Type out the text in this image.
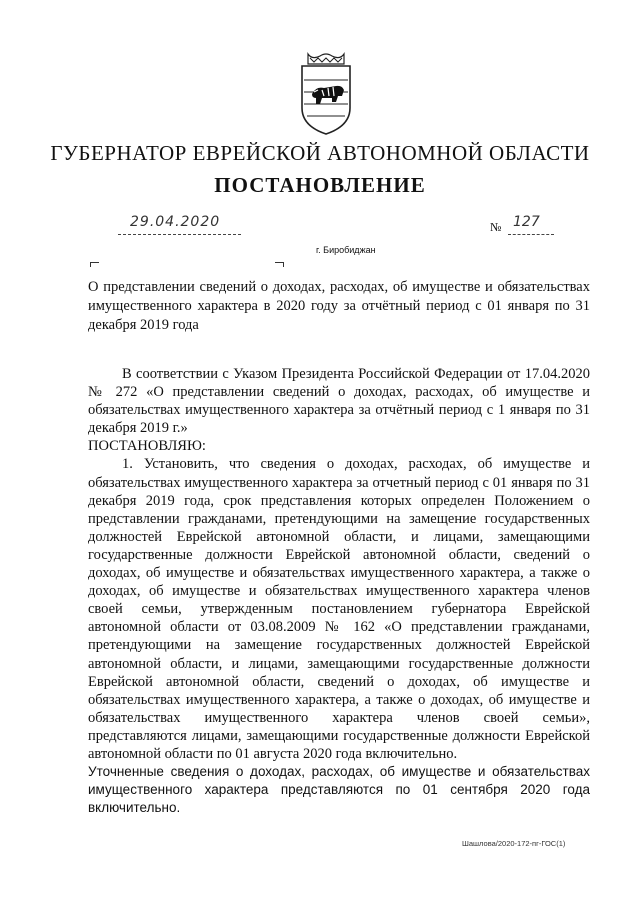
ГУБЕРНАТОР ЕВРЕЙСКОЙ АВТОНОМНОЙ ОБЛАСТИ
ПОСТАНОВЛЕНИЕ
29.04.2020	№ 127
г. Биробиджан
О представлении сведений о доходах, расходах, об имуществе и обязательствах имущественного характера в 2020 году за отчётный период с 01 января по 31 декабря 2019 года

В соответствии с Указом Президента Российской Федерации от 17.04.2020 № 272 «О представлении сведений о доходах, расходах, об имуществе и обязательствах имущественного характера за отчётный период с 1 января по 31 декабря 2019 г.»

ПОСТАНОВЛЯЮ:

1. Установить, что сведения о доходах, расходах, об имуществе и обязательствах имущественного характера за отчетный период с 01 января по 31 декабря 2019 года, срок представления которых определен Положением о представлении гражданами, претендующими на замещение государственных должностей Еврейской автономной области, и лицами, замещающими государственные должности Еврейской автономной области, сведений о доходах, об имуществе и обязательствах имущественного характера, а также о доходах, об имуществе и обязательствах имущественного характера членов своей семьи, утвержденным постановлением губернатора Еврейской автономной области от 03.08.2009 № 162 «О представлении гражданами, претендующими на замещение государственных должностей Еврейской автономной области, и лицами, замещающими государственные должности Еврейской автономной области, сведений о доходах, об имуществе и обязательствах имущественного характера, а также о доходах, об имуществе и обязательствах имущественного характера членов своей семьи», представляются лицами, замещающими государственные должности Еврейской автономной области по 01 августа 2020 года включительно.

Уточненные сведения о доходах, расходах, об имуществе и обязательствах имущественного характера представляются по 01 сентября 2020 года включительно.

Шашлова/2020-172-пг-ГОС(1)
